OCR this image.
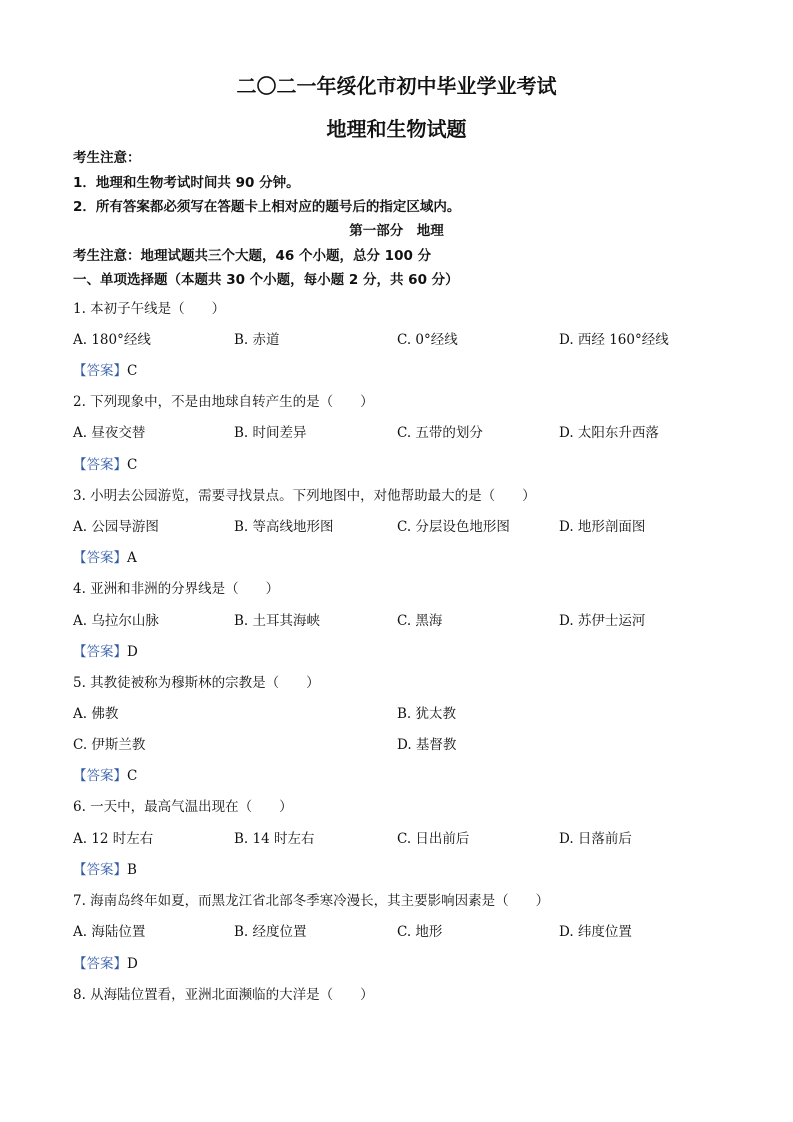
二〇二一年绥化市初中毕业学业考试
地理和生物试题
考生注意：
1．地理和生物考试时间共 90 分钟。
2．所有答案都必须写在答题卡上相对应的题号后的指定区域内。
第一部分　地理
考生注意：地理试题共三个大题，46 个小题，总分 100 分
一、单项选择题（本题共 30 个小题，每小题 2 分，共 60 分）
1. 本初子午线是（　　）
A. 180°经线	B. 赤道	C. 0°经线	D. 西经 160°经线
【答案】C
2. 下列现象中，不是由地球自转产生的是（　　）
A. 昼夜交替	B. 时间差异	C. 五带的划分	D. 太阳东升西落
【答案】C
3. 小明去公园游览，需要寻找景点。下列地图中，对他帮助最大的是（　　）
A. 公园导游图	B. 等高线地形图	C. 分层设色地形图	D. 地形剖面图
【答案】A
4. 亚洲和非洲的分界线是（　　）
A. 乌拉尔山脉	B. 土耳其海峡	C. 黑海	D. 苏伊士运河
【答案】D
5. 其教徒被称为穆斯林的宗教是（　　）
A. 佛教	B. 犹太教
C. 伊斯兰教	D. 基督教
【答案】C
6. 一天中，最高气温出现在（　　）
A. 12 时左右	B. 14 时左右	C. 日出前后	D. 日落前后
【答案】B
7. 海南岛终年如夏，而黑龙江省北部冬季寒冷漫长，其主要影响因素是（　　）
A. 海陆位置	B. 经度位置	C. 地形	D. 纬度位置
【答案】D
8. 从海陆位置看，亚洲北面濒临的大洋是（　　）
